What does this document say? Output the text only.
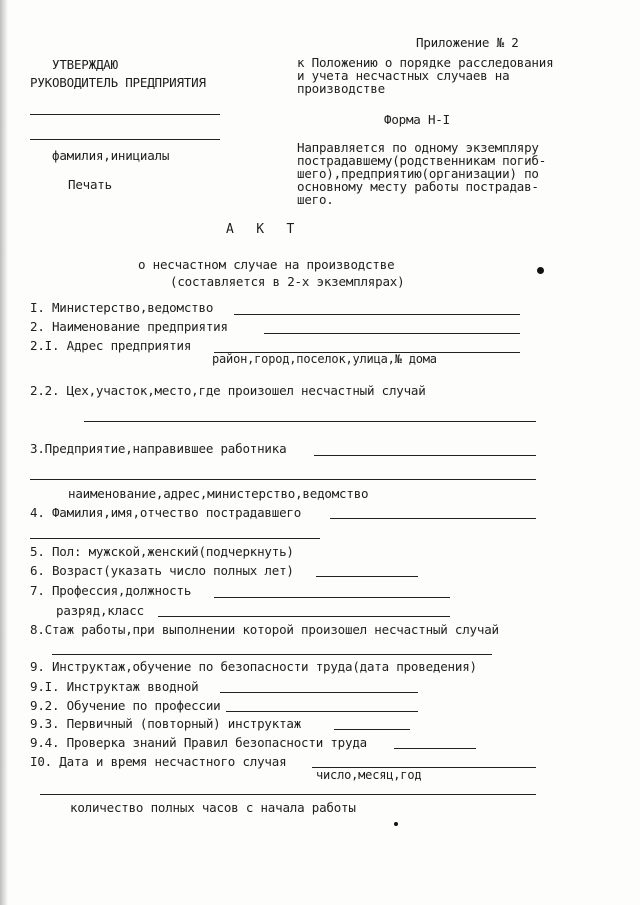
Приложение № 2
к Положению о порядке расследования
и учета несчастных случаев на
производстве
Форма Н-I
Направляется по одному экземпляру
пострадавшему(родственникам погиб-
шего),предприятию(организации) по
основному месту работы пострадав-
шего.
УТВЕРЖДАЮ
РУКОВОДИТЕЛЬ ПРЕДПРИЯТИЯ
фамилия,инициалы
Печать
А К Т
о несчастном случае на производстве
(составляется в 2-х экземплярах)
I. Министерство,ведомство
2. Наименование предприятия
2.I. Адрес предприятия
район,город,поселок,улица,№ дома
2.2. Цех,участок,место,где произошел несчастный случай
3.Предприятие,направившее работника
наименование,адрес,министерство,ведомство
4. Фамилия,имя,отчество пострадавшего
5. Пол: мужской,женский(подчеркнуть)
6. Возраст(указать число полных лет)
7. Профессия,должность
разряд,класс
8.Стаж работы,при выполнении которой произошел несчастный случай
9. Инструктаж,обучение по безопасности труда(дата проведения)
9.I. Инструктаж вводной
9.2. Обучение по профессии
9.3. Первичный (повторный) инструктаж
9.4. Проверка знаний Правил безопасности труда
I0. Дата и время несчастного случая
число,месяц,год
количество полных часов с начала работы
